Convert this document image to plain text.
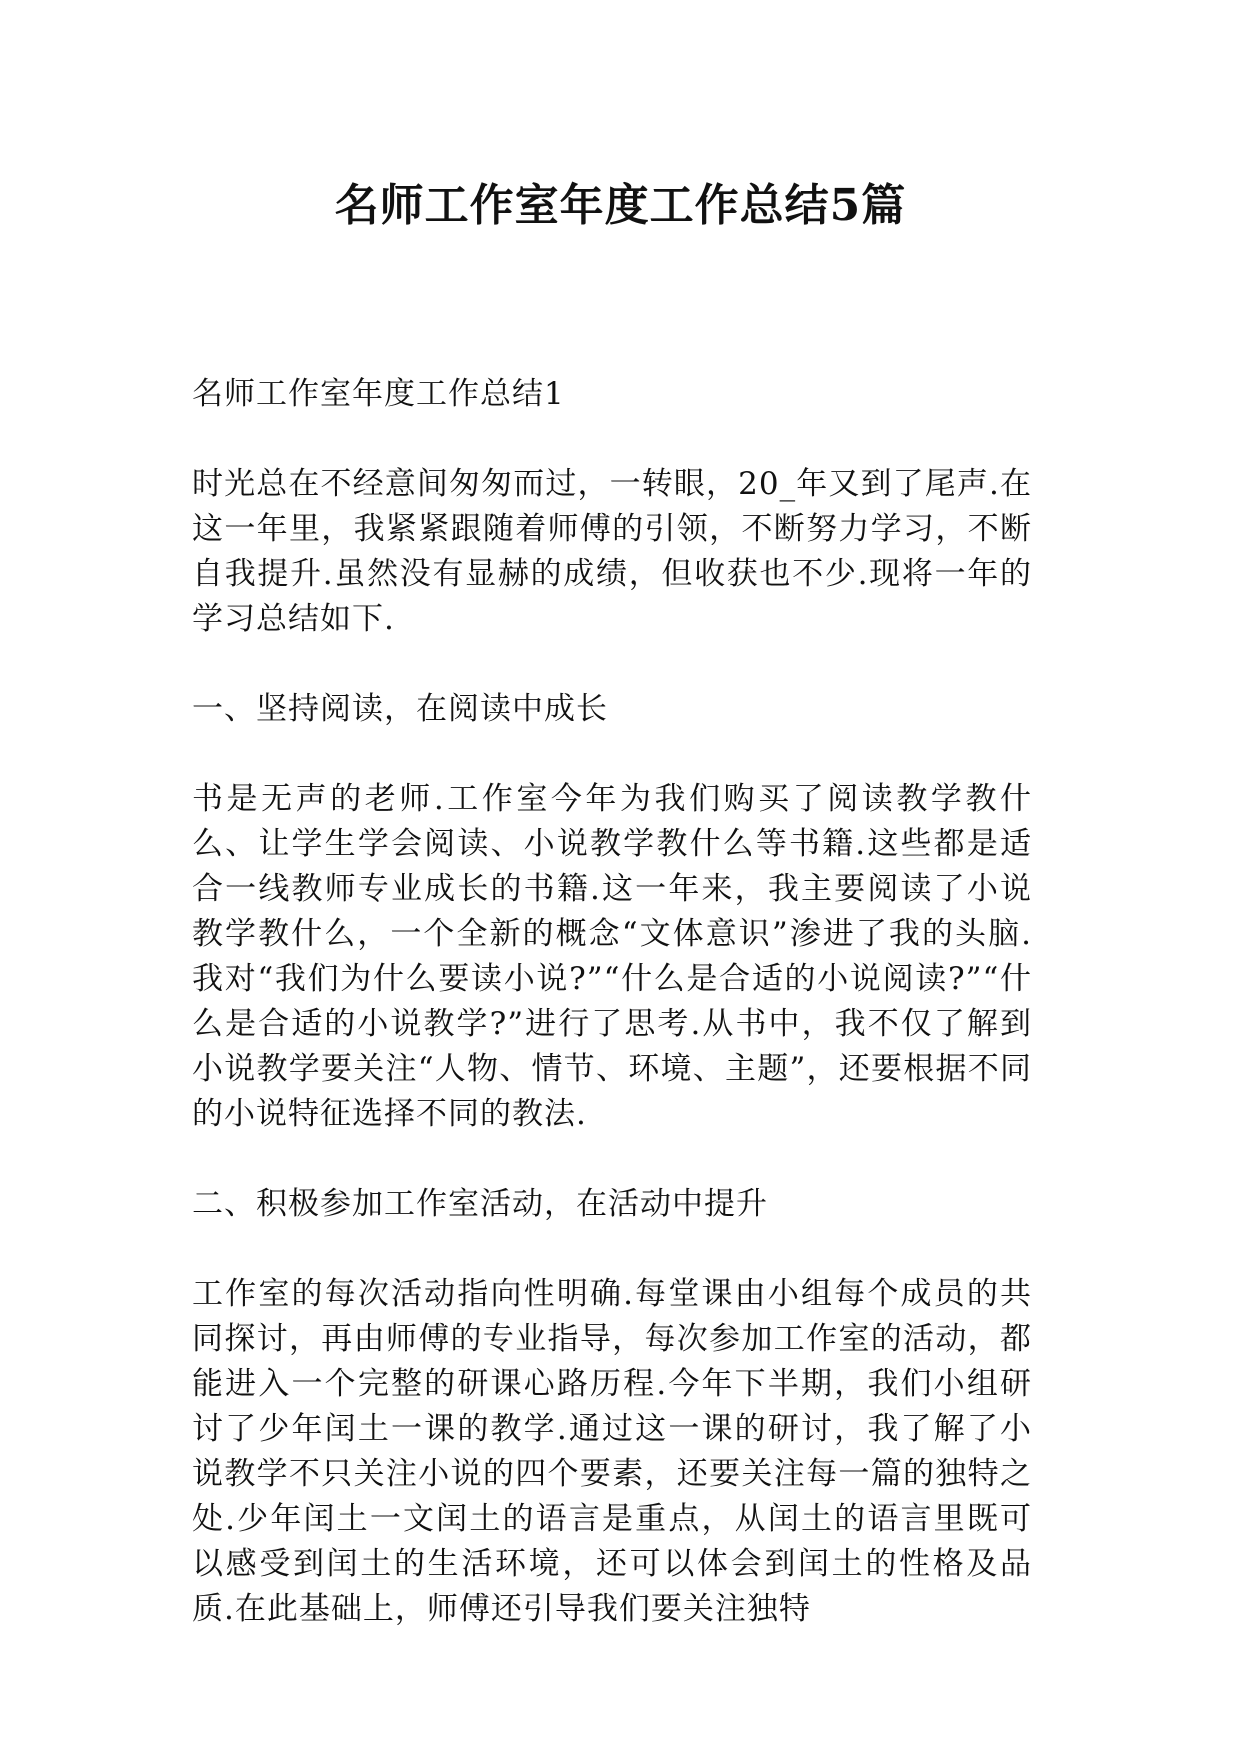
名师工作室年度工作总结5篇

名师工作室年度工作总结1

时光总在不经意间匆匆而过，一转眼，20_年又到了尾声.在这一年里，我紧紧跟随着师傅的引领，不断努力学习，不断自我提升.虽然没有显赫的成绩，但收获也不少.现将一年的学习总结如下.

一、坚持阅读，在阅读中成长

书是无声的老师.工作室今年为我们购买了阅读教学教什么、让学生学会阅读、小说教学教什么等书籍.这些都是适合一线教师专业成长的书籍.这一年来，我主要阅读了小说教学教什么，一个全新的概念“文体意识”渗进了我的头脑.我对“我们为什么要读小说?”“什么是合适的小说阅读?”“什么是合适的小说教学?”进行了思考.从书中，我不仅了解到小说教学要关注“人物、情节、环境、主题”，还要根据不同的小说特征选择不同的教法.

二、积极参加工作室活动，在活动中提升

工作室的每次活动指向性明确.每堂课由小组每个成员的共同探讨，再由师傅的专业指导，每次参加工作室的活动，都能进入一个完整的研课心路历程.今年下半期，我们小组研讨了少年闰土一课的教学.通过这一课的研讨，我了解了小说教学不只关注小说的四个要素，还要关注每一篇的独特之处.少年闰土一文闰土的语言是重点，从闰土的语言里既可以感受到闰土的生活环境，还可以体会到闰土的性格及品质.在此基础上，师傅还引导我们要关注独特
